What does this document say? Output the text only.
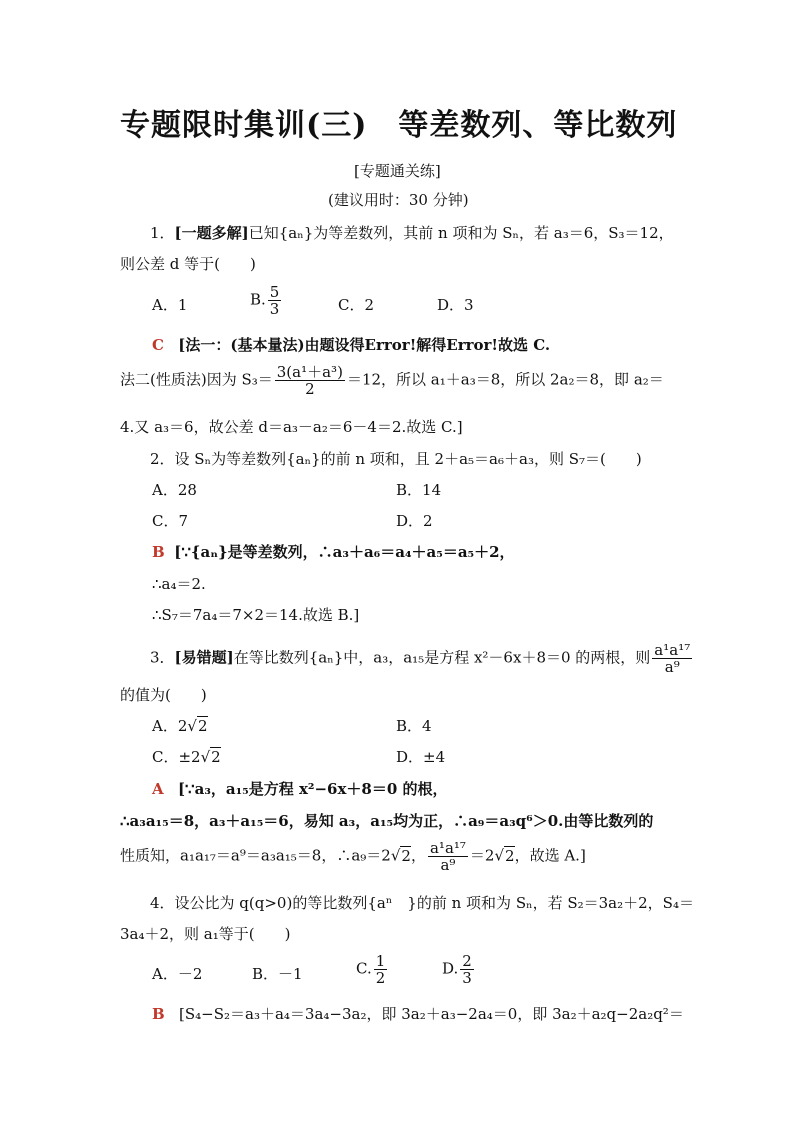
专题限时集训(三)　等差数列、等比数列
[专题通关练]
(建议用时：30 分钟)
1．[一题多解]已知{aₙ}为等差数列，其前 n 项和为 Sₙ，若 a₃＝6，S₃＝12，
则公差 d 等于(　　)
A．1	B. $\frac{5}{3}$	C．2	D．3
C [法一：(基本量法)由题设得Error!解得Error!故选 C.
法二(性质法)因为 $S_3= \frac{\text{3(a¹＋a³)}}{2} =12$，所以 a₁＋a₃＝8，所以 2a₂＝8，即 a₂＝
4.又 a₃＝6，故公差 d＝a₃－a₂＝6－4＝2.故选 C.]
2．设 Sₙ为等差数列{aₙ}的前 n 项和，且 2＋a₅＝a₆＋a₃，则 S₇＝(　　)
A．28	B．14
C．7	D．2
B [∵{aₙ}是等差数列，∴a₃＋a₆＝a₄＋a₅＝a₅＋2，
∴a₄＝2.
∴S₇＝7a₄＝7×2＝14.故选 B.]
3．[易错题]在等比数列{aₙ}中，a₃，a₁₅是方程 x²－6x＋8＝0 的两根，则 $\frac{\text{a¹a¹⁷}}{\text{a⁹}}$
的值为(　　)
A．2√2	B．4
C．±2√2	D．±4
A [∵a₃，a₁₅是方程 x²−6x＋8＝0 的根，
∴a₃a₁₅＝8，a₃＋a₁₅＝6，易知 a₃，a₁₅均为正，∴a₉＝a₃q⁶＞0.由等比数列的
性质知，a₁a₁₇＝a⁹＝a₃a₁₅＝8，∴a₉＝2√2， $\frac{\text{a¹a¹⁷}}{\text{a⁹}} =2√2$，故选 A.]
4．设公比为 q(q>0)的等比数列{aⁿ　}的前 n 项和为 Sₙ，若 S₂＝3a₂＋2，S₄＝
3a₄＋2，则 a₁等于(　　)
A．－2	B．－1	C. $\frac{1}{2}$	D. $\frac{2}{3}$
B [S₄−S₂＝a₃＋a₄＝3a₄−3a₂，即 3a₂＋a₃−2a₄＝0，即 3a₂＋a₂q−2a₂q²＝
